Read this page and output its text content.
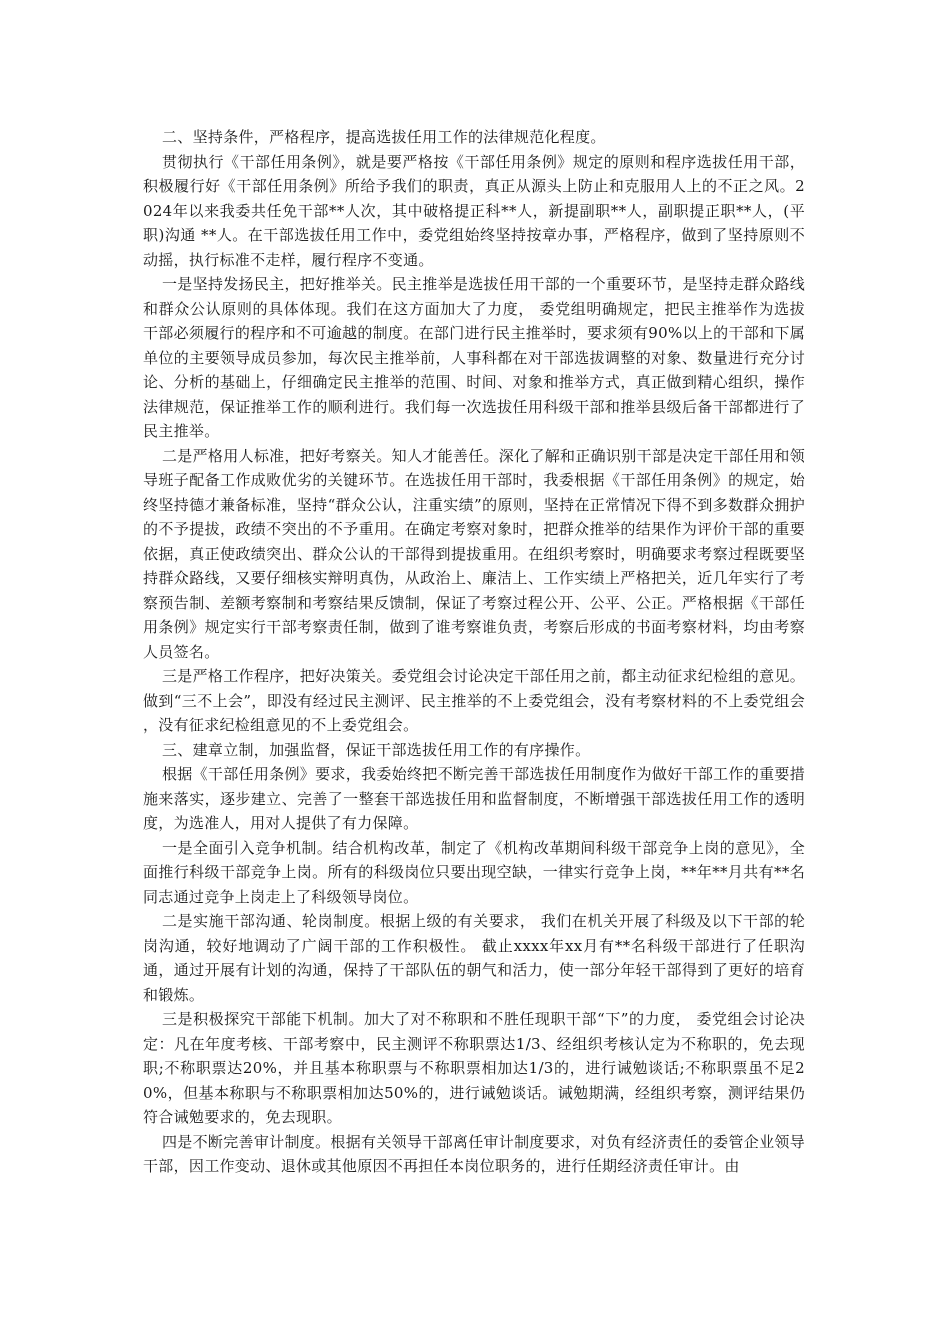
二、坚持条件，严格程序，提高选拔任用工作的法律规范化程度。

贯彻执行《干部任用条例》，就是要严格按《干部任用条例》规定的原则和程序选拔任用干部，积极履行好《干部任用条例》所给予我们的职责，真正从源头上防止和克服用人上的不正之风。2024年以来我委共任免干部**人次，其中破格提正科**人，新提副职**人，副职提正职**人，(平职)沟通 **人。在干部选拔任用工作中，委党组始终坚持按章办事，严格程序，做到了坚持原则不动摇，执行标准不走样，履行程序不变通。

一是坚持发扬民主，把好推举关。民主推举是选拔任用干部的一个重要环节，是坚持走群众路线和群众公认原则的具体体现。我们在这方面加大了力度， 委党组明确规定，把民主推举作为选拔干部必须履行的程序和不可逾越的制度。在部门进行民主推举时，要求须有90%以上的干部和下属单位的主要领导成员参加，每次民主推举前，人事科都在对干部选拔调整的对象、数量进行充分讨论、分析的基础上，仔细确定民主推举的范围、时间、对象和推举方式，真正做到精心组织，操作法律规范，保证推举工作的顺利进行。我们每一次选拔任用科级干部和推举县级后备干部都进行了民主推举。

二是严格用人标准，把好考察关。知人才能善任。深化了解和正确识别干部是决定干部任用和领导班子配备工作成败优劣的关键环节。在选拔任用干部时，我委根据《干部任用条例》的规定，始终坚持德才兼备标准，坚持“群众公认，注重实绩”的原则，坚持在正常情况下得不到多数群众拥护的不予提拔，政绩不突出的不予重用。在确定考察对象时，把群众推举的结果作为评价干部的重要依据，真正使政绩突出、群众公认的干部得到提拔重用。在组织考察时，明确要求考察过程既要坚持群众路线，又要仔细核实辩明真伪，从政治上、廉洁上、工作实绩上严格把关，近几年实行了考察预告制、差额考察制和考察结果反馈制，保证了考察过程公开、公平、公正。严格根据《干部任用条例》规定实行干部考察责任制，做到了谁考察谁负责，考察后形成的书面考察材料，均由考察人员签名。

三是严格工作程序，把好决策关。委党组会讨论决定干部任用之前，都主动征求纪检组的意见。做到“三不上会”，即没有经过民主测评、民主推举的不上委党组会，没有考察材料的不上委党组会 ，没有征求纪检组意见的不上委党组会。

三、建章立制，加强监督，保证干部选拔任用工作的有序操作。

根据《干部任用条例》要求，我委始终把不断完善干部选拔任用制度作为做好干部工作的重要措施来落实，逐步建立、完善了一整套干部选拔任用和监督制度，不断增强干部选拔任用工作的透明度，为选准人，用对人提供了有力保障。

一是全面引入竞争机制。结合机构改革，制定了《机构改革期间科级干部竞争上岗的意见》，全面推行科级干部竞争上岗。所有的科级岗位只要出现空缺，一律实行竞争上岗，**年**月共有**名同志通过竞争上岗走上了科级领导岗位。

二是实施干部沟通、轮岗制度。根据上级的有关要求， 我们在机关开展了科级及以下干部的轮岗沟通，较好地调动了广阔干部的工作积极性。 截止xxxx年xx月有**名科级干部进行了任职沟通，通过开展有计划的沟通，保持了干部队伍的朝气和活力，使一部分年轻干部得到了更好的培育和锻炼。

三是积极探究干部能下机制。加大了对不称职和不胜任现职干部“下”的力度， 委党组会讨论决定：凡在年度考核、干部考察中，民主测评不称职票达1/3、经组织考核认定为不称职的，免去现职;不称职票达20%，并且基本称职票与不称职票相加达1/3的，进行诫勉谈话;不称职票虽不足20%，但基本称职与不称职票相加达50%的，进行诫勉谈话。诫勉期满，经组织考察，测评结果仍符合诫勉要求的，免去现职。

四是不断完善审计制度。根据有关领导干部离任审计制度要求，对负有经济责任的委管企业领导干部，因工作变动、退休或其他原因不再担任本岗位职务的，进行任期经济责任审计。由
